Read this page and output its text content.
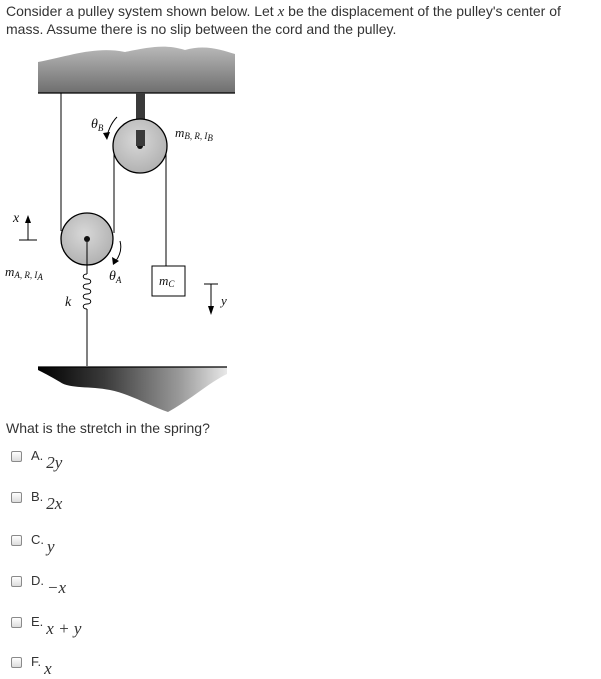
Consider a pulley system shown below. Let x be the displacement of the pulley's center of mass. Assume there is no slip between the cord and the pulley.
$\theta_B$	mB, R, IB
x
mA, R, IA	$\theta_A$
k
mC
y
What is the stretch in the spring?
A. 2y
B. 2x
C. y
D. −x
E. x + y
F. x
